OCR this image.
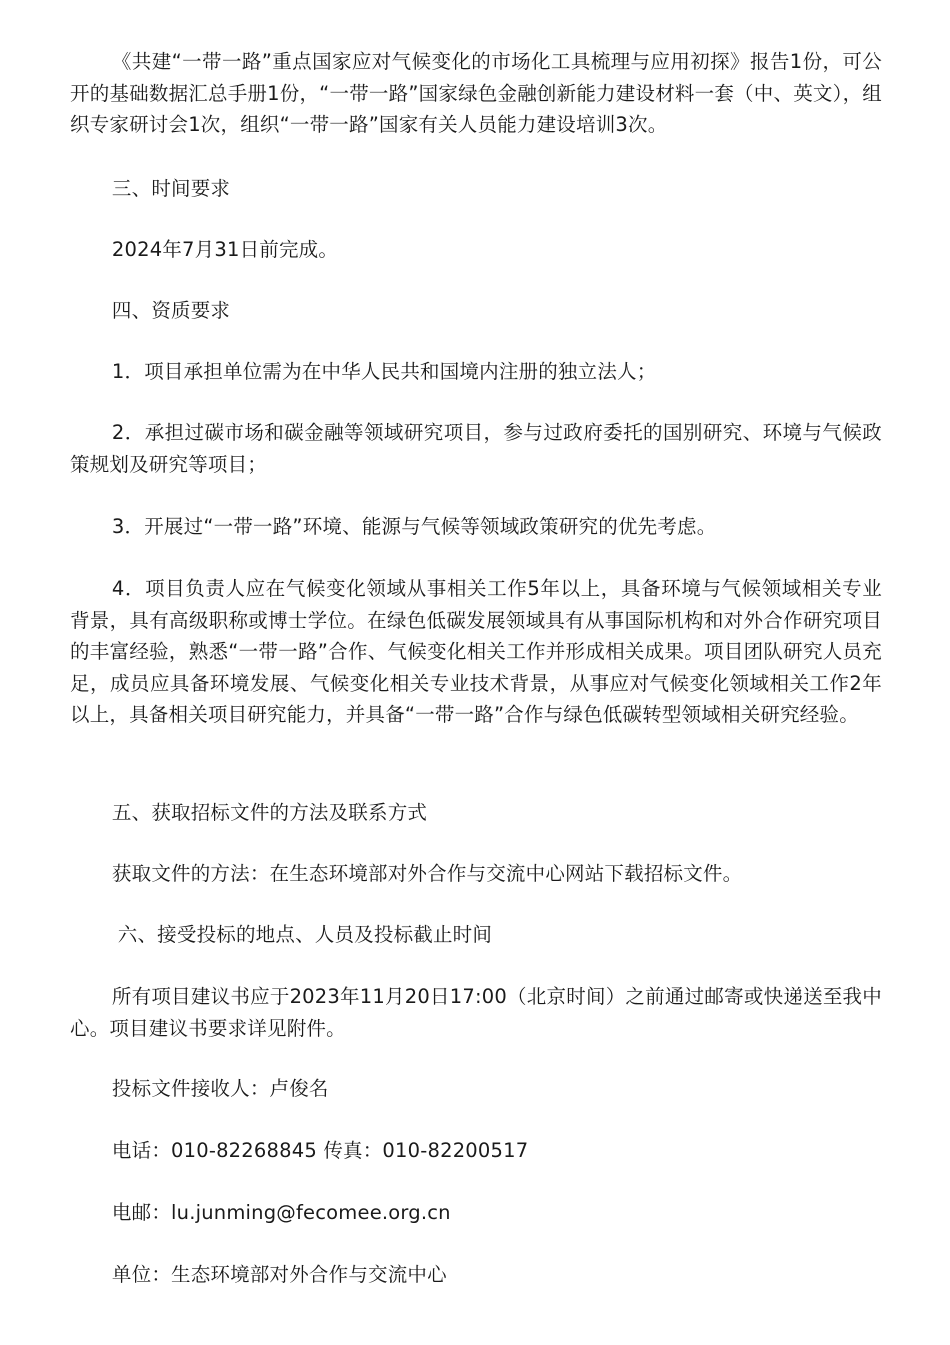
《共建“一带一路”重点国家应对气候变化的市场化工具梳理与应用初探》报告1份，可公开的基础数据汇总手册1份，“一带一路”国家绿色金融创新能力建设材料一套（中、英文），组织专家研讨会1次，组织“一带一路”国家有关人员能力建设培训3次。

三、时间要求

2024年7月31日前完成。

四、资质要求

1．项目承担单位需为在中华人民共和国境内注册的独立法人；

2．承担过碳市场和碳金融等领域研究项目，参与过政府委托的国别研究、环境与气候政策规划及研究等项目；

3．开展过“一带一路”环境、能源与气候等领域政策研究的优先考虑。

4．项目负责人应在气候变化领域从事相关工作5年以上，具备环境与气候领域相关专业背景，具有高级职称或博士学位。在绿色低碳发展领域具有从事国际机构和对外合作研究项目的丰富经验，熟悉“一带一路”合作、气候变化相关工作并形成相关成果。项目团队研究人员充足，成员应具备环境发展、气候变化相关专业技术背景，从事应对气候变化领域相关工作2年以上，具备相关项目研究能力，并具备“一带一路”合作与绿色低碳转型领域相关研究经验。

五、获取招标文件的方法及联系方式

获取文件的方法：在生态环境部对外合作与交流中心网站下载招标文件。

六、接受投标的地点、人员及投标截止时间

所有项目建议书应于2023年11月20日17:00（北京时间）之前通过邮寄或快递送至我中心。项目建议书要求详见附件。

投标文件接收人：卢俊名

电话：010-82268845 传真：010-82200517

电邮：lu.junming@fecomee.org.cn

单位：生态环境部对外合作与交流中心
